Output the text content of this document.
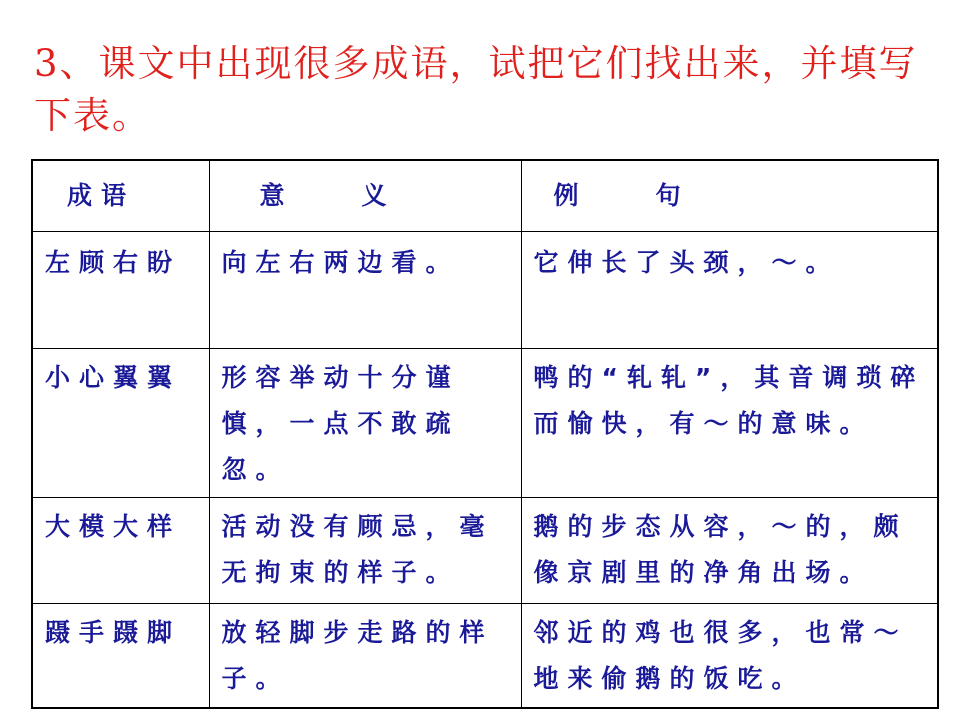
3、课文中出现很多成语，试把它们找出来，并填写下表。
成语	意　　义	例　　句
左顾右盼	向左右两边看。	它伸长了头颈，～。
小心翼翼	形容举动十分谨慎，一点不敢疏忽。	鸭的“轧轧”，其音调琐碎而愉快，有～的意味。
大模大样	活动没有顾忌，毫无拘束的样子。	鹅的步态从容，～的，颇像京剧里的净角出场。
蹑手蹑脚	放轻脚步走路的样子。	邻近的鸡也很多，也常～地来偷鹅的饭吃。
